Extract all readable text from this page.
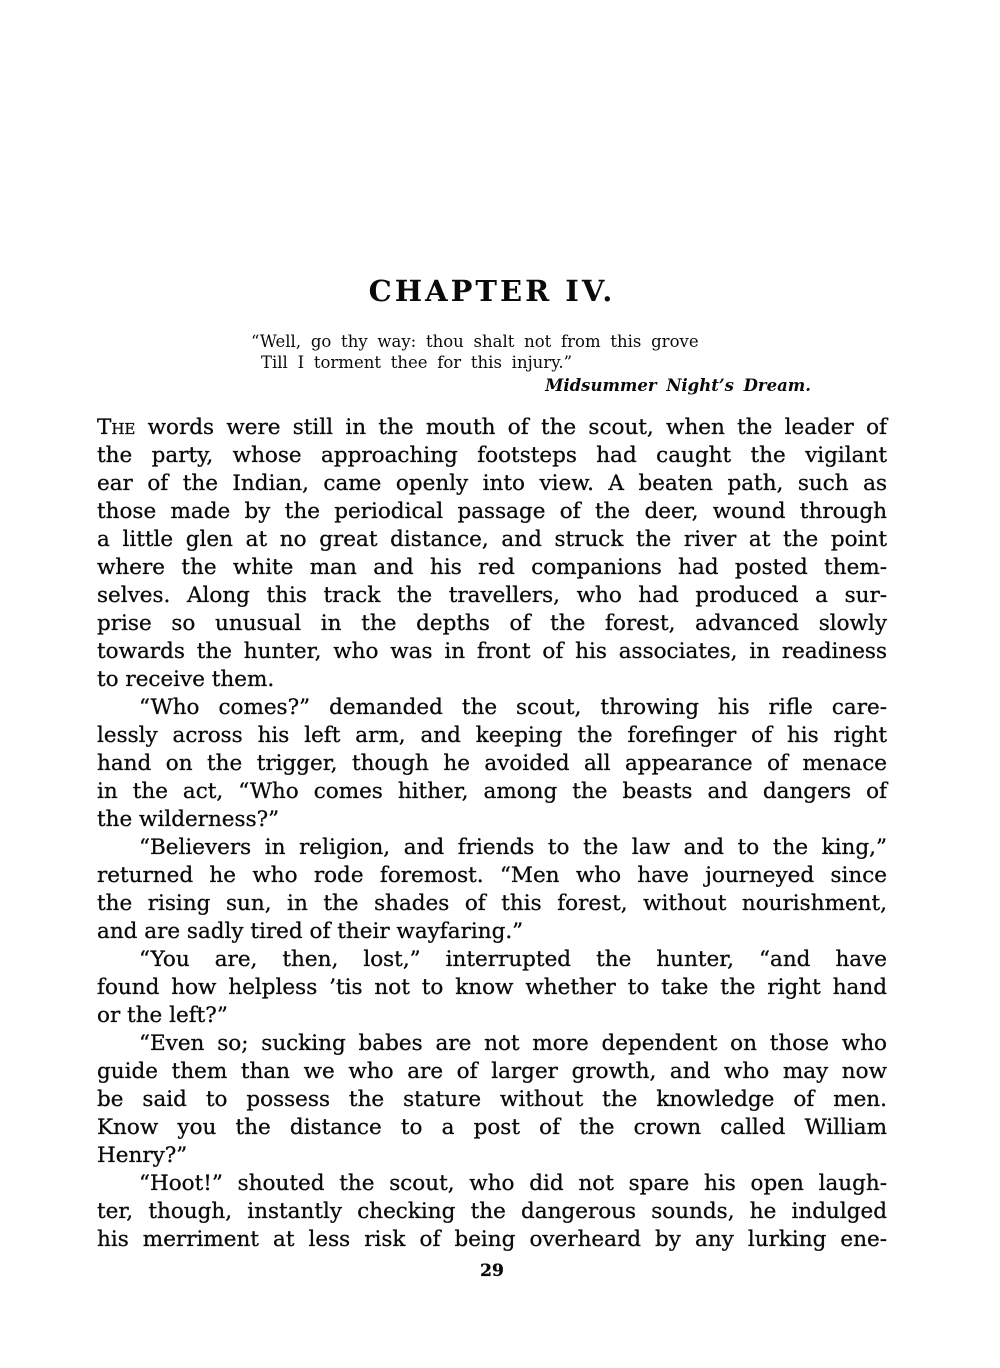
CHAPTER IV.
“Well, go thy way: thou shalt not from this grove
Till I torment thee for this injury.”
Midsummer Night’s Dream.
The words were still in the mouth of the scout, when the leader of
the party, whose approaching footsteps had caught the vigilant
ear of the Indian, came openly into view. A beaten path, such as
those made by the periodical passage of the deer, wound through
a little glen at no great distance, and struck the river at the point
where the white man and his red companions had posted them-
selves. Along this track the travellers, who had produced a sur-
prise so unusual in the depths of the forest, advanced slowly
towards the hunter, who was in front of his associates, in readiness
to receive them.
“Who comes?” demanded the scout, throwing his rifle care-
lessly across his left arm, and keeping the forefinger of his right
hand on the trigger, though he avoided all appearance of menace
in the act, “Who comes hither, among the beasts and dangers of
the wilderness?”
“Believers in religion, and friends to the law and to the king,”
returned he who rode foremost. “Men who have journeyed since
the rising sun, in the shades of this forest, without nourishment,
and are sadly tired of their wayfaring.”
“You are, then, lost,” interrupted the hunter, “and have
found how helpless ’tis not to know whether to take the right hand
or the left?”
“Even so; sucking babes are not more dependent on those who
guide them than we who are of larger growth, and who may now
be said to possess the stature without the knowledge of men.
Know you the distance to a post of the crown called William
Henry?”
“Hoot!” shouted the scout, who did not spare his open laugh-
ter, though, instantly checking the dangerous sounds, he indulged
his merriment at less risk of being overheard by any lurking ene-
29
